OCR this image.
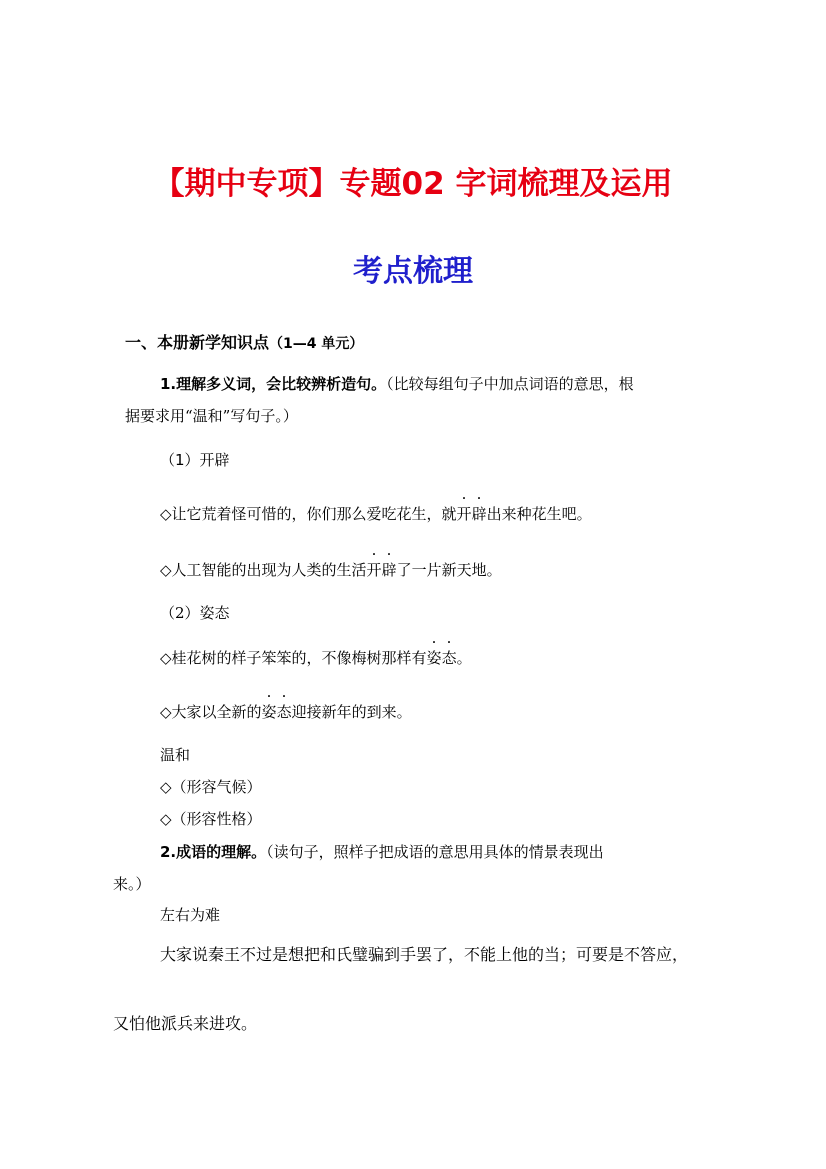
【期中专项】专题02 字词梳理及运用
考点梳理
一、本册新学知识点（1—4 单元）
1.理解多义词，会比较辨析造句。（比较每组句子中加点词语的意思，根
据要求用“温和”写句子。）
（1）开辟
◇让它荒着怪可惜的，你们那么爱吃花生，就开辟出来种花生吧。
◇人工智能的出现为人类的生活开辟了一片新天地。
（2）姿态
◇桂花树的样子笨笨的，不像梅树那样有姿态。
◇大家以全新的姿态迎接新年的到来。
温和
◇（形容气候）
◇（形容性格）
2.成语的理解。（读句子，照样子把成语的意思用具体的情景表现出
来。）
左右为难
大家说秦王不过是想把和氏璧骗到手罢了，不能上他的当；可要是不答应，
又怕他派兵来进攻。
